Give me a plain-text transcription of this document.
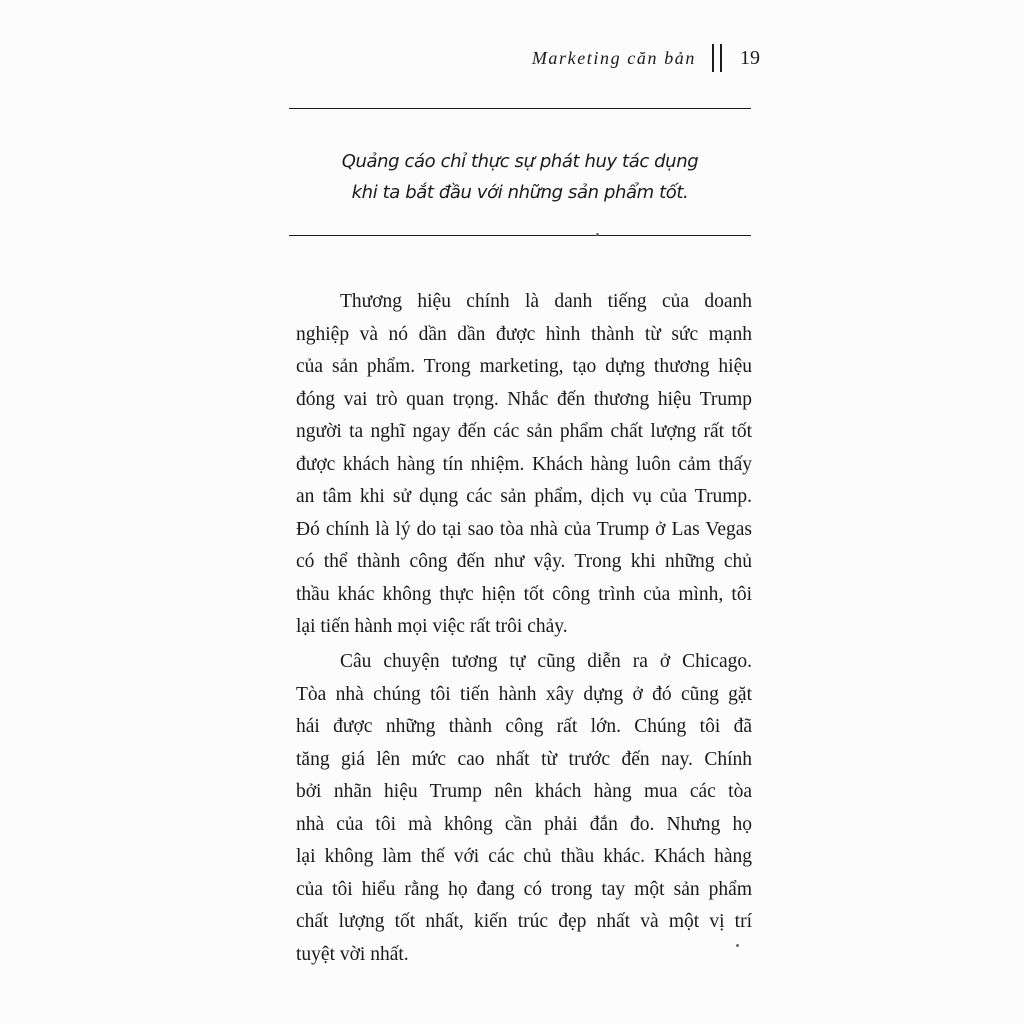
Marketing căn bản 19
Quảng cáo chỉ thực sự phát huy tác dụng
khi ta bắt đầu với những sản phẩm tốt.
Thương hiệu chính là danh tiếng của doanh
nghiệp và nó dần dần được hình thành từ sức mạnh
của sản phẩm. Trong marketing, tạo dựng thương hiệu
đóng vai trò quan trọng. Nhắc đến thương hiệu Trump
người ta nghĩ ngay đến các sản phẩm chất lượng rất tốt
được khách hàng tín nhiệm. Khách hàng luôn cảm thấy
an tâm khi sử dụng các sản phẩm, dịch vụ của Trump.
Đó chính là lý do tại sao tòa nhà của Trump ở Las Vegas
có thể thành công đến như vậy. Trong khi những chủ
thầu khác không thực hiện tốt công trình của mình, tôi
lại tiến hành mọi việc rất trôi chảy.
Câu chuyện tương tự cũng diễn ra ở Chicago.
Tòa nhà chúng tôi tiến hành xây dựng ở đó cũng gặt
hái được những thành công rất lớn. Chúng tôi đã
tăng giá lên mức cao nhất từ trước đến nay. Chính
bởi nhãn hiệu Trump nên khách hàng mua các tòa
nhà của tôi mà không cần phải đắn đo. Nhưng họ
lại không làm thế với các chủ thầu khác. Khách hàng
của tôi hiểu rằng họ đang có trong tay một sản phẩm
chất lượng tốt nhất, kiến trúc đẹp nhất và một vị trí
tuyệt vời nhất.
